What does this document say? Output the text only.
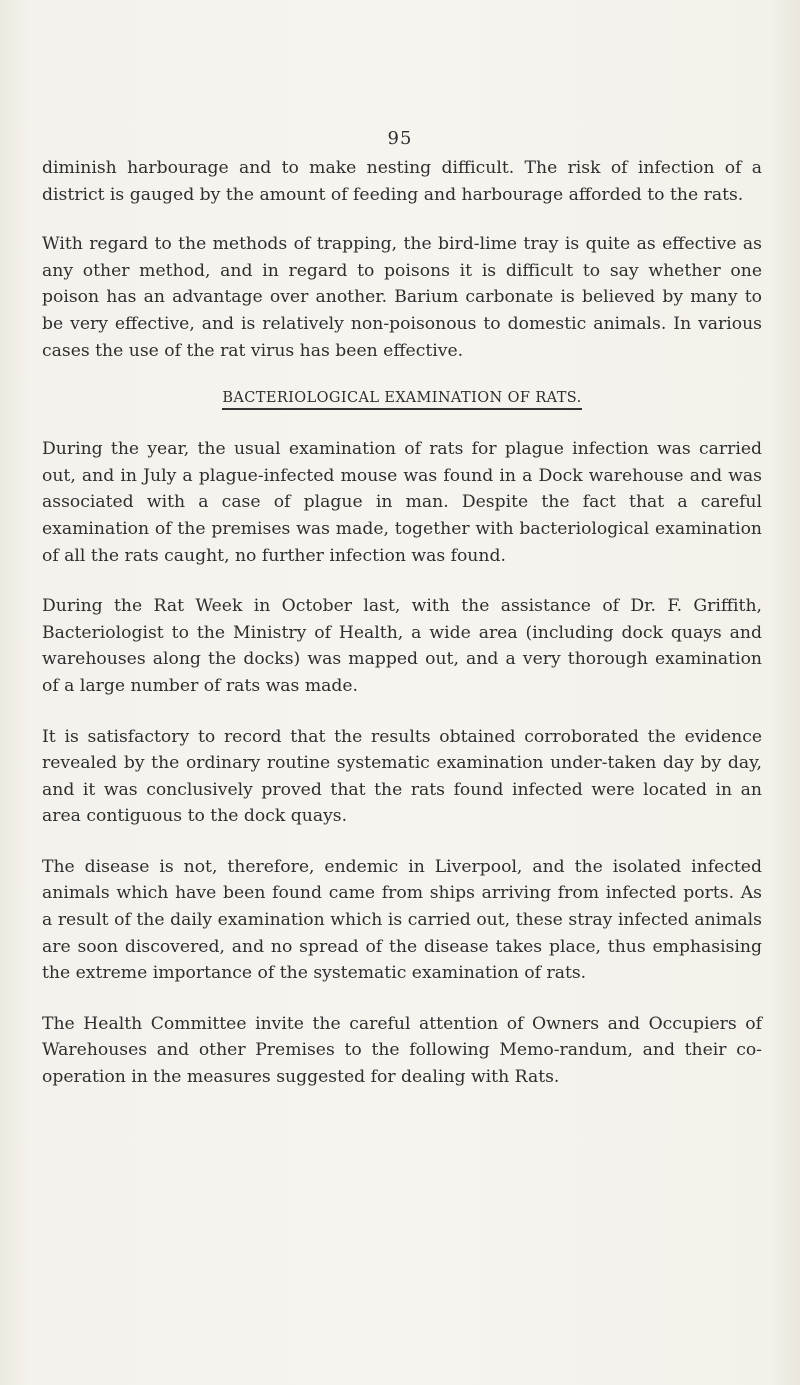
95

diminish harbourage and to make nesting difficult. The risk of infection of a district is gauged by the amount of feeding and harbourage afforded to the rats.

With regard to the methods of trapping, the bird-lime tray is quite as effective as any other method, and in regard to poisons it is difficult to say whether one poison has an advantage over another. Barium carbonate is believed by many to be very effective, and is relatively non-poisonous to domestic animals. In various cases the use of the rat virus has been effective.

BACTERIOLOGICAL EXAMINATION OF RATS.

During the year, the usual examination of rats for plague infection was carried out, and in July a plague-infected mouse was found in a Dock warehouse and was associated with a case of plague in man. Despite the fact that a careful examination of the premises was made, together with bacteriological examination of all the rats caught, no further infection was found.

During the Rat Week in October last, with the assistance of Dr. F. Griffith, Bacteriologist to the Ministry of Health, a wide area (including dock quays and warehouses along the docks) was mapped out, and a very thorough examination of a large number of rats was made.

It is satisfactory to record that the results obtained corroborated the evidence revealed by the ordinary routine systematic examination under-taken day by day, and it was conclusively proved that the rats found infected were located in an area contiguous to the dock quays.

The disease is not, therefore, endemic in Liverpool, and the isolated infected animals which have been found came from ships arriving from infected ports. As a result of the daily examination which is carried out, these stray infected animals are soon discovered, and no spread of the disease takes place, thus emphasising the extreme importance of the systematic examination of rats.

The Health Committee invite the careful attention of Owners and Occupiers of Warehouses and other Premises to the following Memo-randum, and their co-operation in the measures suggested for dealing with Rats.
